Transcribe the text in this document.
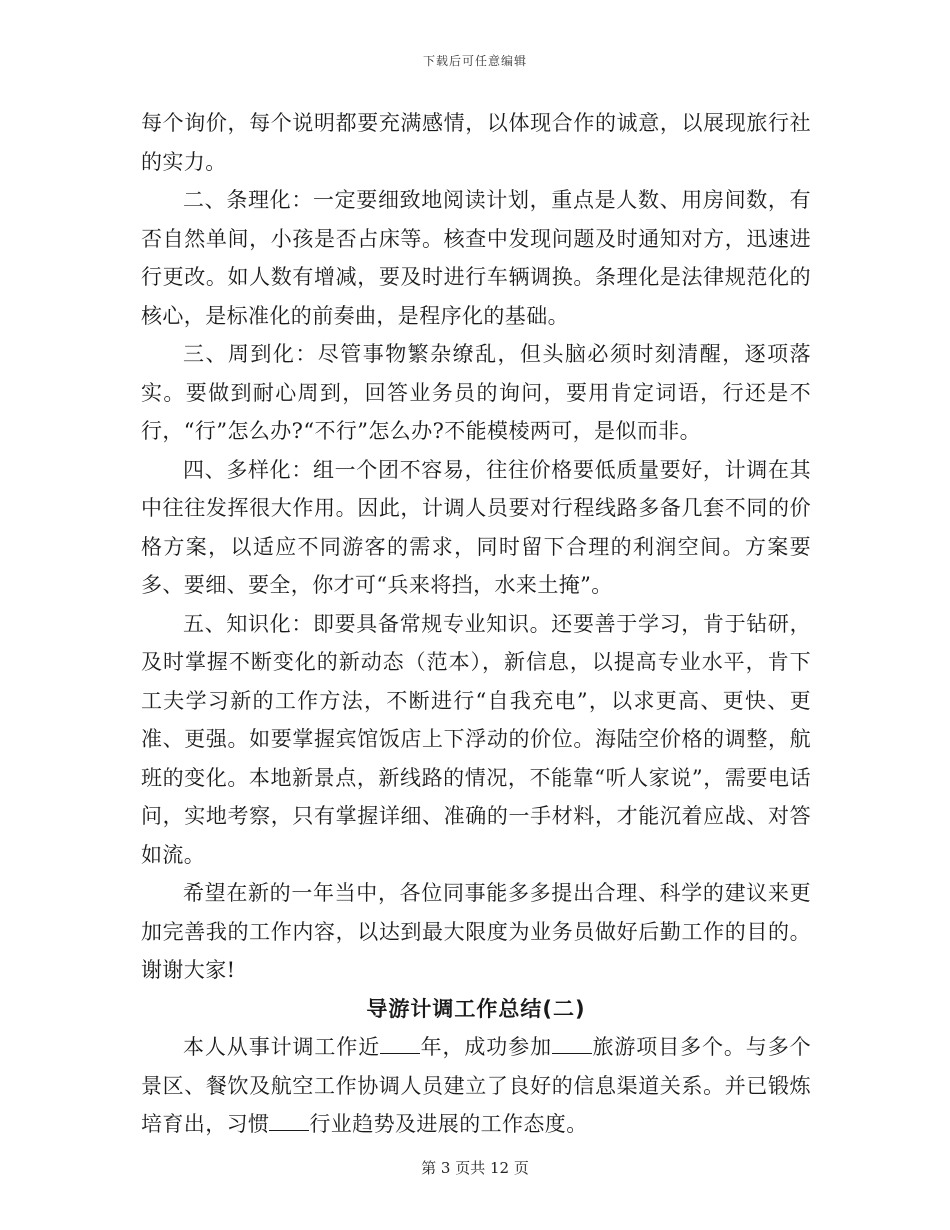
下载后可任意编辑

每个询价，每个说明都要充满感情，以体现合作的诚意，以展现旅行社的实力。

二、条理化：一定要细致地阅读计划，重点是人数、用房间数，有否自然单间，小孩是否占床等。核查中发现问题及时通知对方，迅速进行更改。如人数有增减，要及时进行车辆调换。条理化是法律规范化的核心，是标准化的前奏曲，是程序化的基础。

三、周到化：尽管事物繁杂缭乱，但头脑必须时刻清醒，逐项落实。要做到耐心周到，回答业务员的询问，要用肯定词语，行还是不行，“行”怎么办?“不行”怎么办?不能模棱两可，是似而非。

四、多样化：组一个团不容易，往往价格要低质量要好，计调在其中往往发挥很大作用。因此，计调人员要对行程线路多备几套不同的价格方案，以适应不同游客的需求，同时留下合理的利润空间。方案要多、要细、要全，你才可“兵来将挡，水来土掩”。

五、知识化：即要具备常规专业知识。还要善于学习，肯于钻研，及时掌握不断变化的新动态（范本），新信息，以提高专业水平，肯下工夫学习新的工作方法，不断进行“自我充电”，以求更高、更快、更准、更强。如要掌握宾馆饭店上下浮动的价位。海陆空价格的调整，航班的变化。本地新景点，新线路的情况，不能靠“听人家说”，需要电话问，实地考察，只有掌握详细、准确的一手材料，才能沉着应战、对答如流。

希望在新的一年当中，各位同事能多多提出合理、科学的建议来更加完善我的工作内容，以达到最大限度为业务员做好后勤工作的目的。谢谢大家!

导游计调工作总结(二)

本人从事计调工作近 年，成功参加 旅游项目多个。与多个景区、餐饮及航空工作协调人员建立了良好的信息渠道关系。并已锻炼培育出，习惯 行业趋势及进展的工作态度。

第 3 页共 12 页
